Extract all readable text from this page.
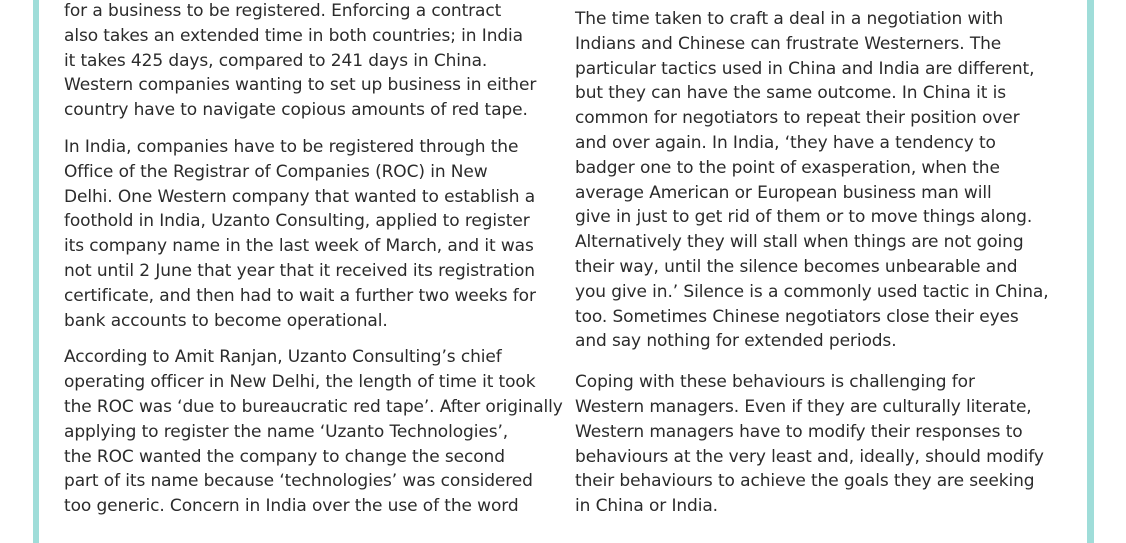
for a business to be registered. Enforcing a contract
also takes an extended time in both countries; in India
it takes 425 days, compared to 241 days in China.
Western companies wanting to set up business in either
country have to navigate copious amounts of red tape.

In India, companies have to be registered through the
Office of the Registrar of Companies (ROC) in New
Delhi. One Western company that wanted to establish a
foothold in India, Uzanto Consulting, applied to register
its company name in the last week of March, and it was
not until 2 June that year that it received its registration
certificate, and then had to wait a further two weeks for
bank accounts to become operational.

According to Amit Ranjan, Uzanto Consulting’s chief
operating officer in New Delhi, the length of time it took
the ROC was ‘due to bureaucratic red tape’. After originally
applying to register the name ‘Uzanto Technologies’,
the ROC wanted the company to change the second
part of its name because ‘technologies’ was considered
too generic. Concern in India over the use of the word

The time taken to craft a deal in a negotiation with
Indians and Chinese can frustrate Westerners. The
particular tactics used in China and India are different,
but they can have the same outcome. In China it is
common for negotiators to repeat their position over
and over again. In India, ‘they have a tendency to
badger one to the point of exasperation, when the
average American or European business man will
give in just to get rid of them or to move things along.
Alternatively they will stall when things are not going
their way, until the silence becomes unbearable and
you give in.’ Silence is a commonly used tactic in China,
too. Sometimes Chinese negotiators close their eyes
and say nothing for extended periods.

Coping with these behaviours is challenging for
Western managers. Even if they are culturally literate,
Western managers have to modify their responses to
behaviours at the very least and, ideally, should modify
their behaviours to achieve the goals they are seeking
in China or India.
